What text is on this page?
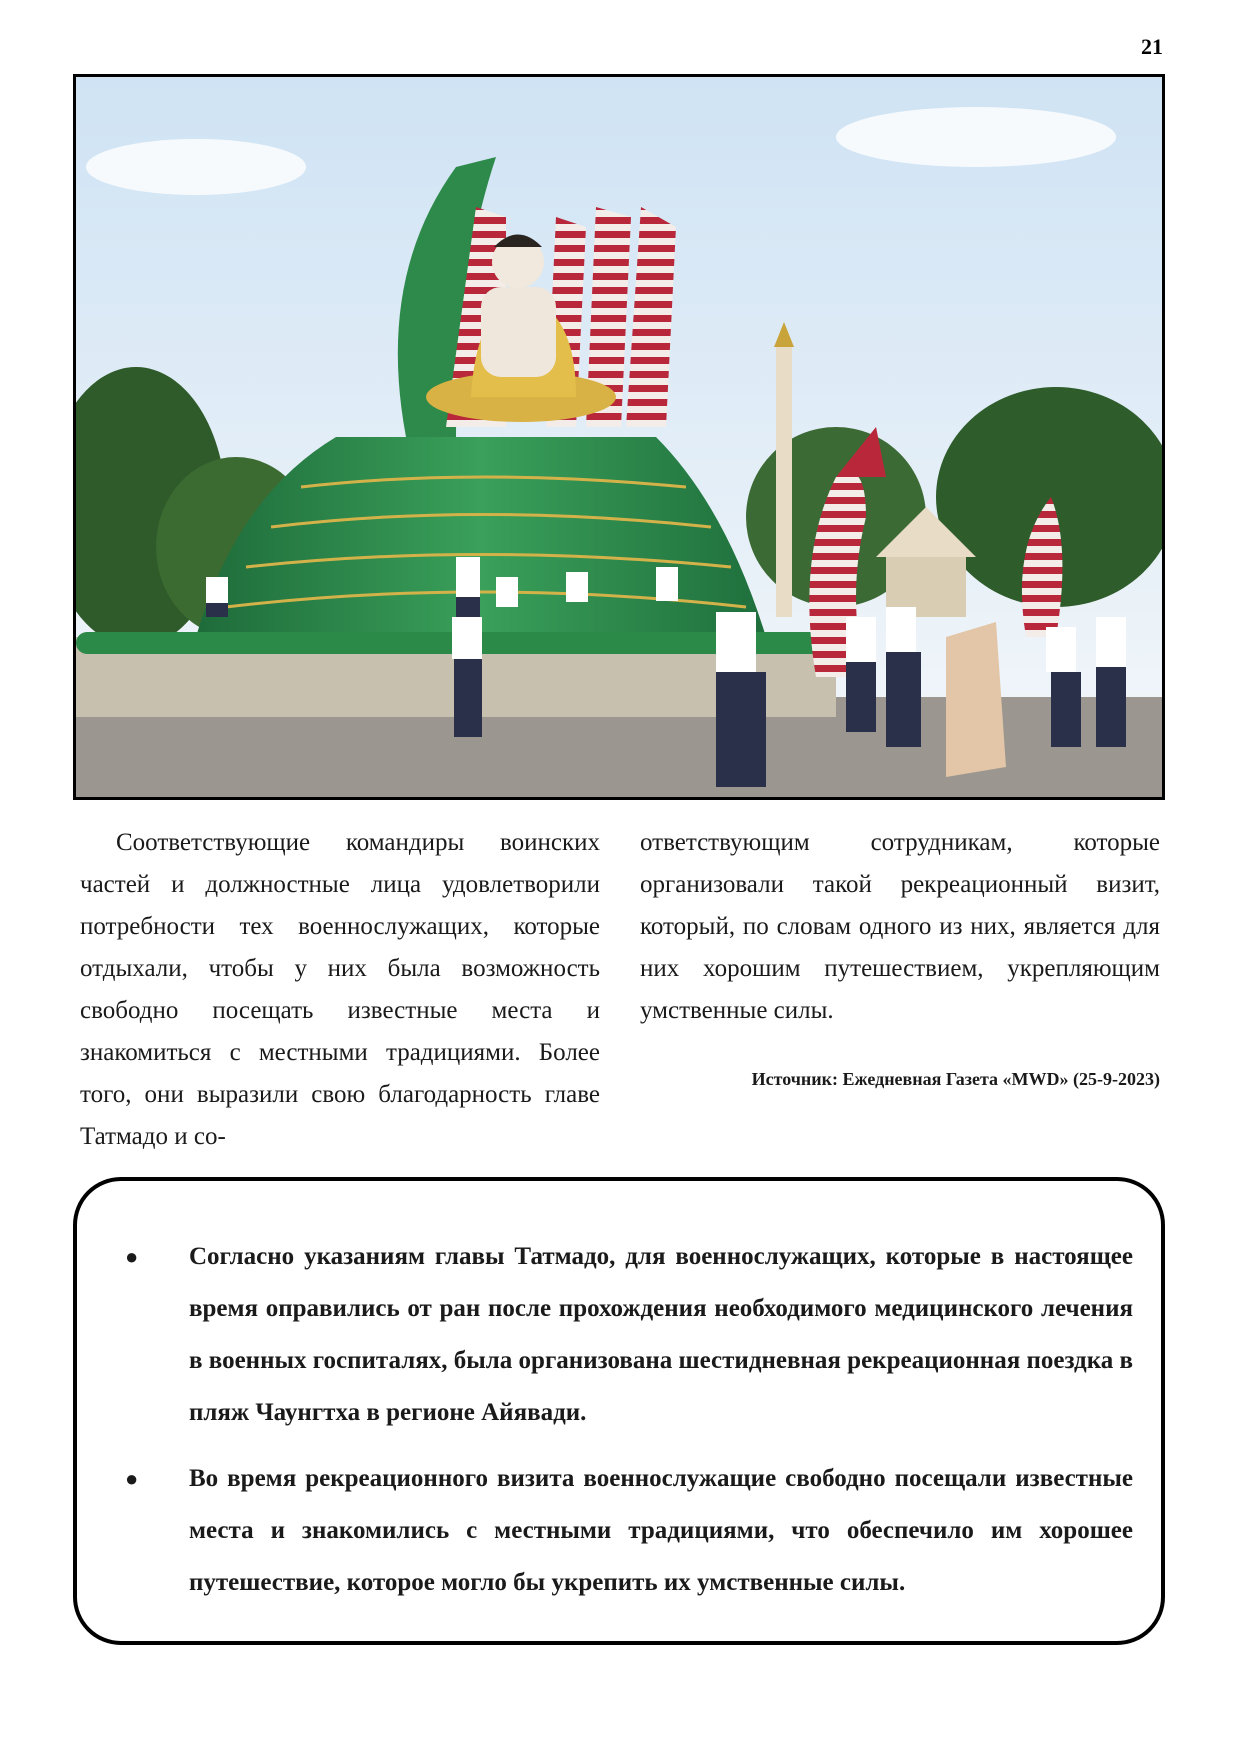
21

Соответствующие командиры воинских частей и должностные лица удовлетворили потребности тех военнослужащих, которые отдыхали, чтобы у них была возможность свободно посещать известные места и знакомиться с местными традициями. Более того, они выразили свою благодарность главе Татмадо и со-

ответствующим сотрудникам, которые организовали такой рекреационный визит, который, по словам одного из них, является для них хорошим путешествием, укрепляющим умственные силы.

Источник: Ежедневная Газета «MWD» (25-9-2023)
● Согласно указаниям главы Татмадо, для военнослужащих, которые в настоящее время оправились от ран после прохождения необходимого медицинского лечения в военных госпиталях, была организована шестидневная рекреационная поездка в пляж Чаунгтха в регионе Айявади.
● Во время рекреационного визита военнослужащие свободно посещали известные места и знакомились с местными традициями, что обеспечило им хорошее путешествие, которое могло бы укрепить их умственные силы.
